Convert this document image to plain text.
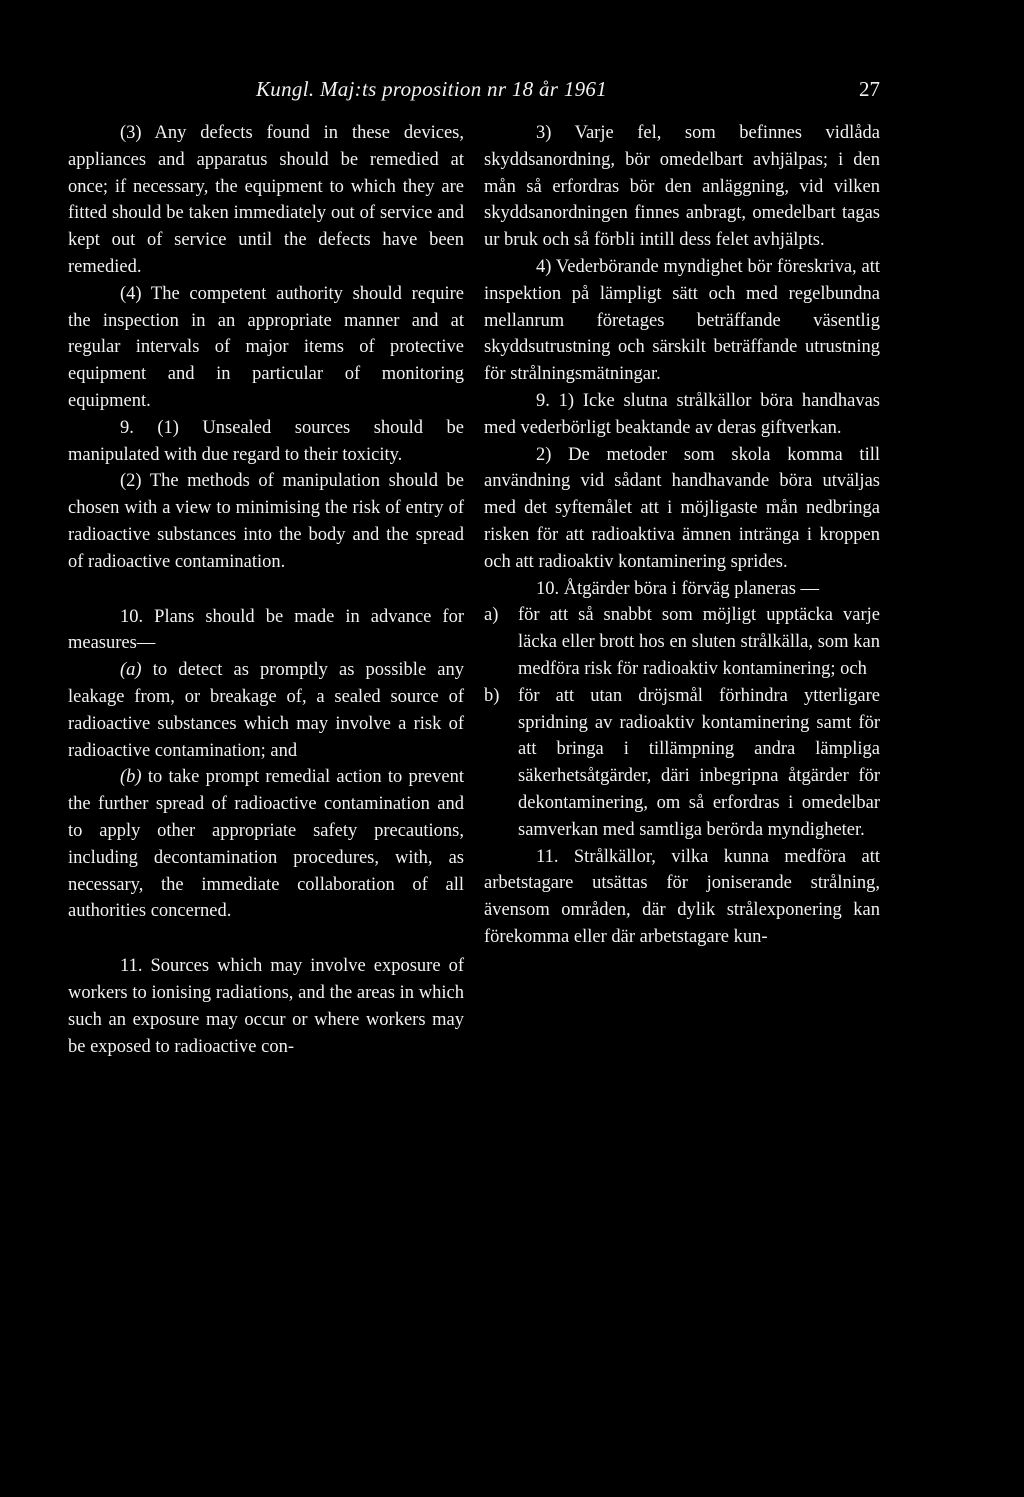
Kungl. Maj:ts proposition nr 18 år 1961	27

(3) Any defects found in these devices, appliances and apparatus should be remedied at once; if necessary, the equipment to which they are fitted should be taken immediately out of service and kept out of service until the defects have been remedied.

(4) The competent authority should require the inspection in an appropriate manner and at regular intervals of major items of protective equipment and in particular of monitoring equipment.

9. (1) Unsealed sources should be manipulated with due regard to their toxicity.

(2) The methods of manipulation should be chosen with a view to minimising the risk of entry of radioactive substances into the body and the spread of radioactive contamination.

10. Plans should be made in advance for measures—

(a) to detect as promptly as possible any leakage from, or breakage of, a sealed source of radioactive substances which may involve a risk of radioactive contamination; and

(b) to take prompt remedial action to prevent the further spread of radioactive contamination and to apply other appropriate safety precautions, including decontamination procedures, with, as necessary, the immediate collaboration of all authorities concerned.

11. Sources which may involve exposure of workers to ionising radiations, and the areas in which such an exposure may occur or where workers may be exposed to radioactive con-

3) Varje fel, som befinnes vidlåda skyddsanordning, bör omedelbart avhjälpas; i den mån så erfordras bör den anläggning, vid vilken skyddsanordningen finnes anbragt, omedelbart tagas ur bruk och så förbli intill dess felet avhjälpts.

4) Vederbörande myndighet bör föreskriva, att inspektion på lämpligt sätt och med regelbundna mellanrum företages beträffande väsentlig skyddsutrustning och särskilt beträffande utrustning för strålningsmätningar.

9. 1) Icke slutna strålkällor böra handhavas med vederbörligt beaktande av deras giftverkan.

2) De metoder som skola komma till användning vid sådant handhavande böra utväljas med det syftemålet att i möjligaste mån nedbringa risken för att radioaktiva ämnen intränga i kroppen och att radioaktiv kontaminering sprides.

10. Åtgärder böra i förväg planeras —

a)	för att så snabbt som möjligt upptäcka varje läcka eller brott hos en sluten strålkälla, som kan medföra risk för radioaktiv kontaminering; och
b)	för att utan dröjsmål förhindra ytterligare spridning av radioaktiv kontaminering samt för att bringa i tillämpning andra lämpliga säkerhetsåtgärder, däri inbegripna åtgärder för dekontaminering, om så erfordras i omedelbar samverkan med samtliga berörda myndigheter.

11. Strålkällor, vilka kunna medföra att arbetstagare utsättas för joniserande strålning, ävensom områden, där dylik strålexponering kan förekomma eller där arbetstagare kun-
